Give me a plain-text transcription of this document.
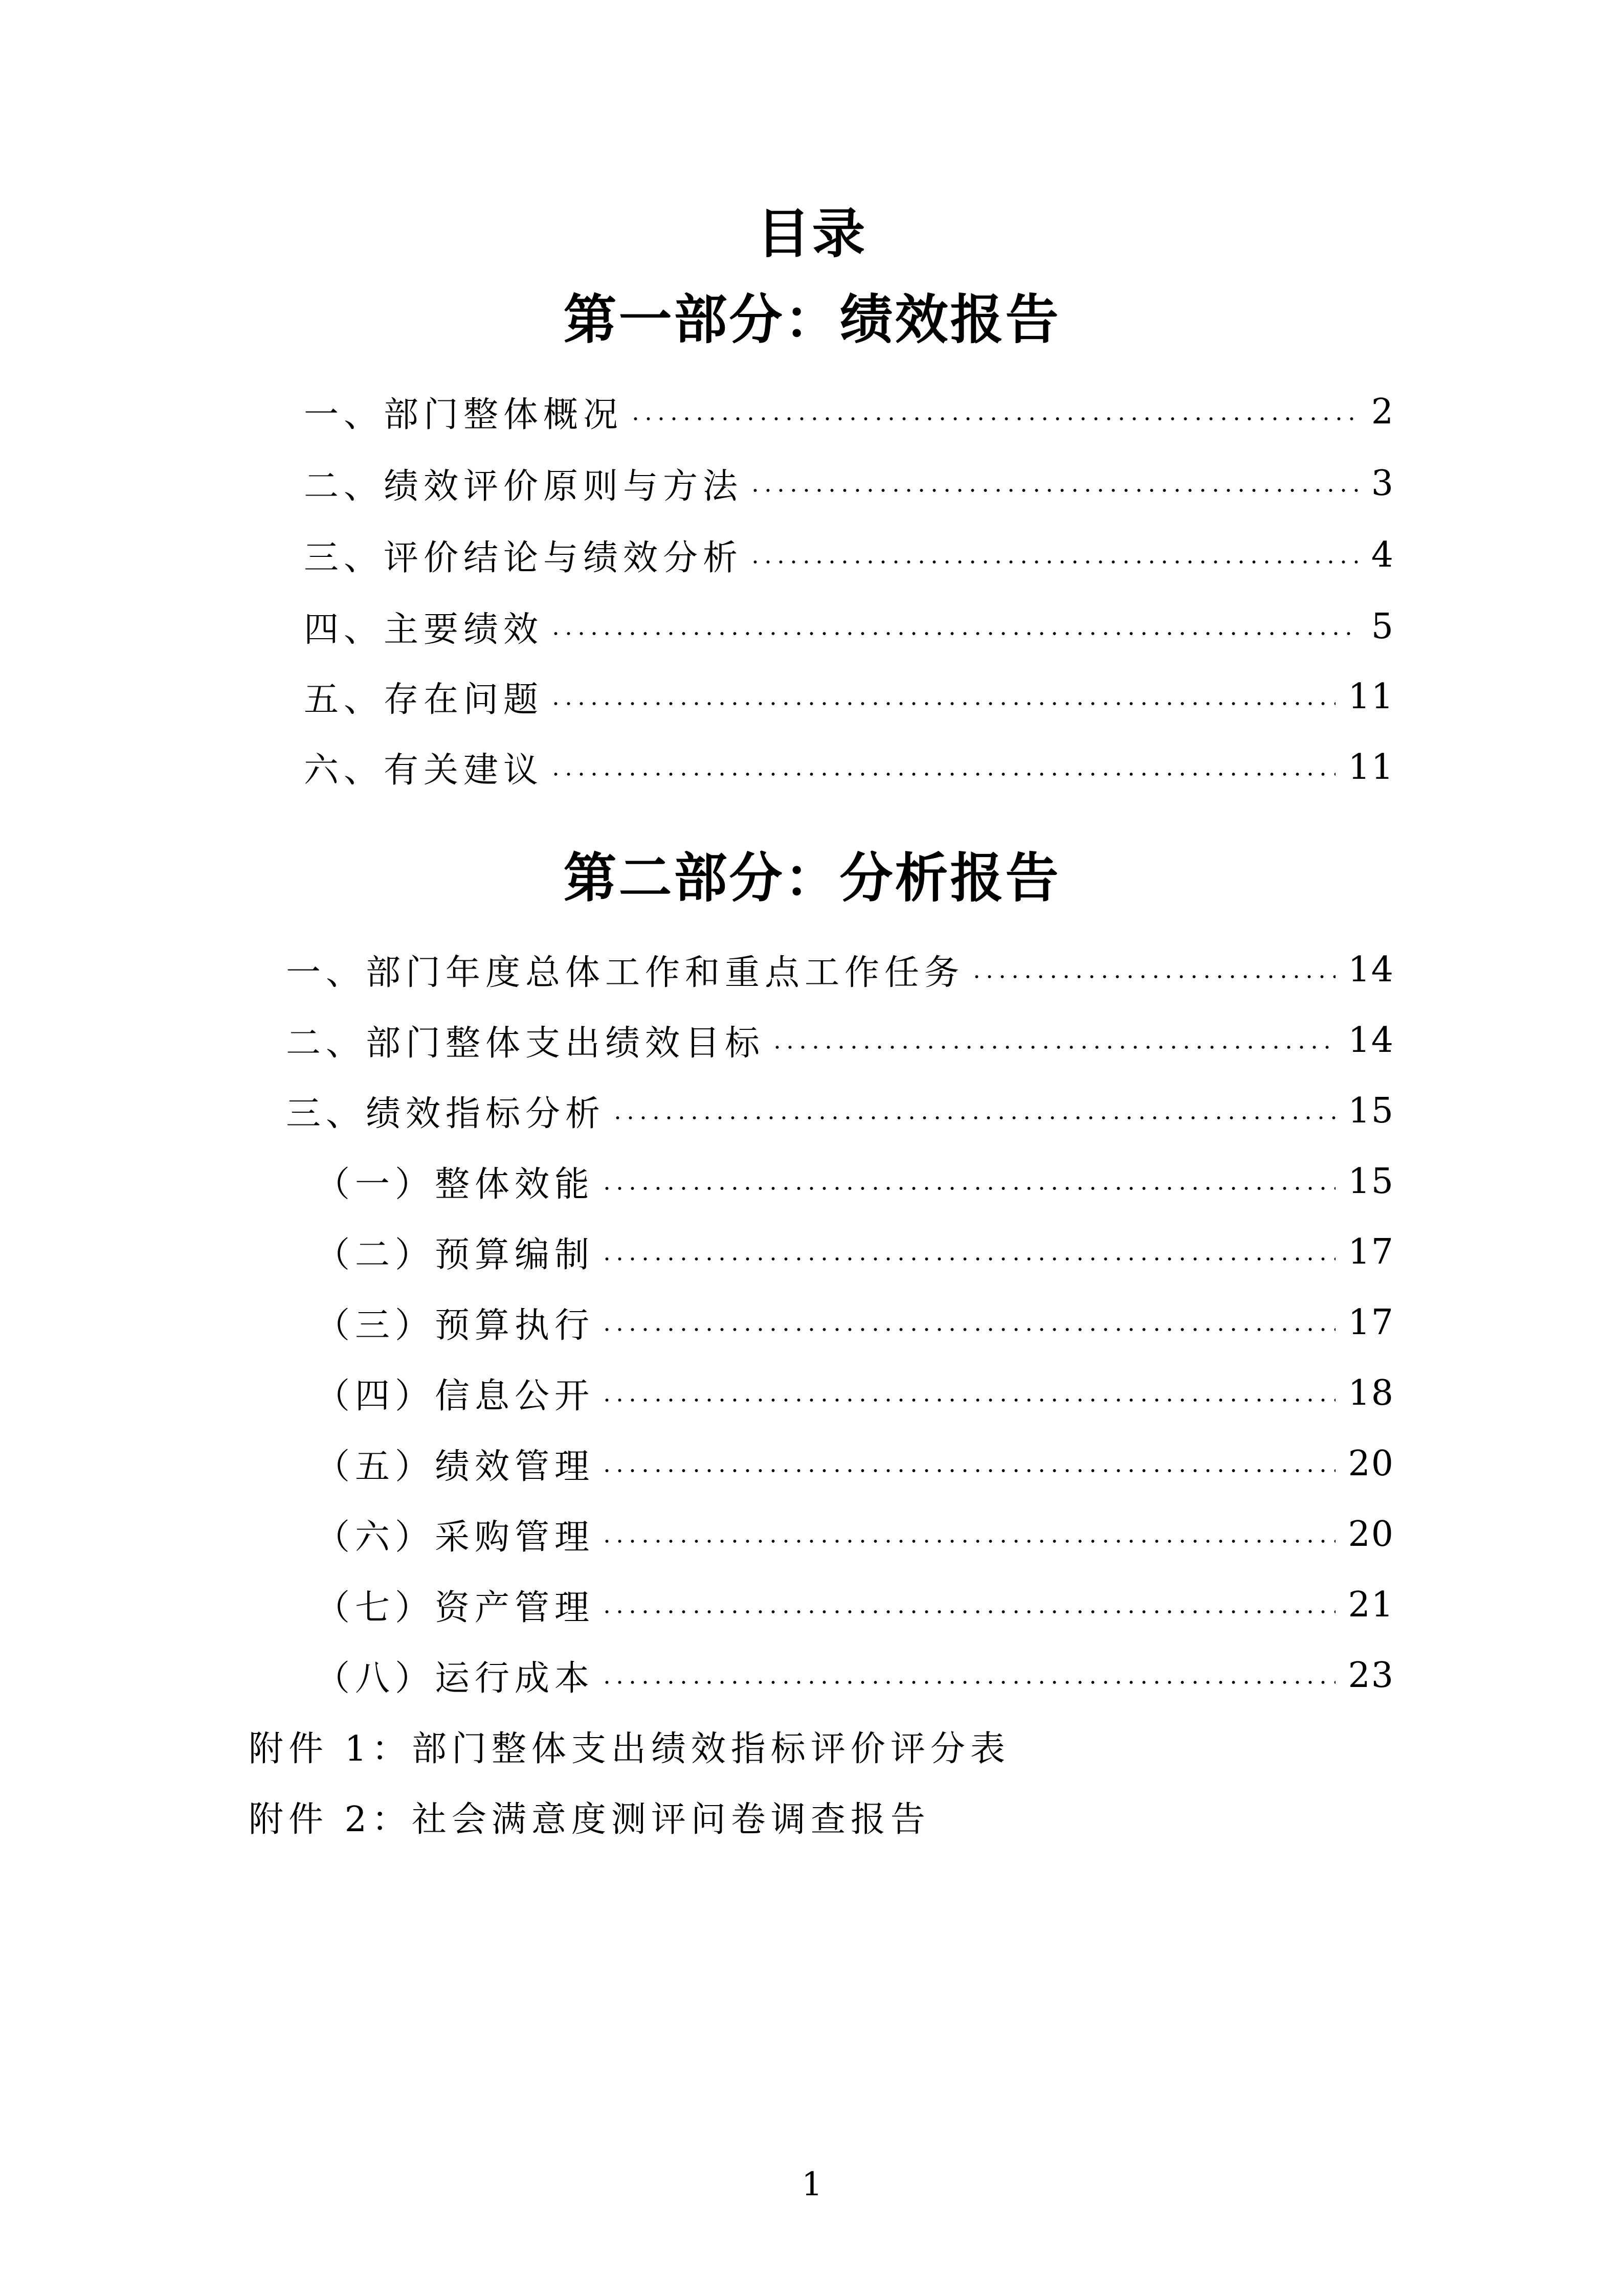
目录
第一部分：绩效报告
一、部门整体概况	2
二、绩效评价原则与方法	3
三、评价结论与绩效分析	4
四、主要绩效	5
五、存在问题	11
六、有关建议	11
第二部分：分析报告
一、部门年度总体工作和重点工作任务	14
二、部门整体支出绩效目标	14
三、绩效指标分析	15
（一）整体效能	15
（二）预算编制	17
（三）预算执行	17
（四）信息公开	18
（五）绩效管理	20
（六）采购管理	20
（七）资产管理	21
（八）运行成本	23
附件 1：部门整体支出绩效指标评价评分表
附件 2：社会满意度测评问卷调查报告
1
